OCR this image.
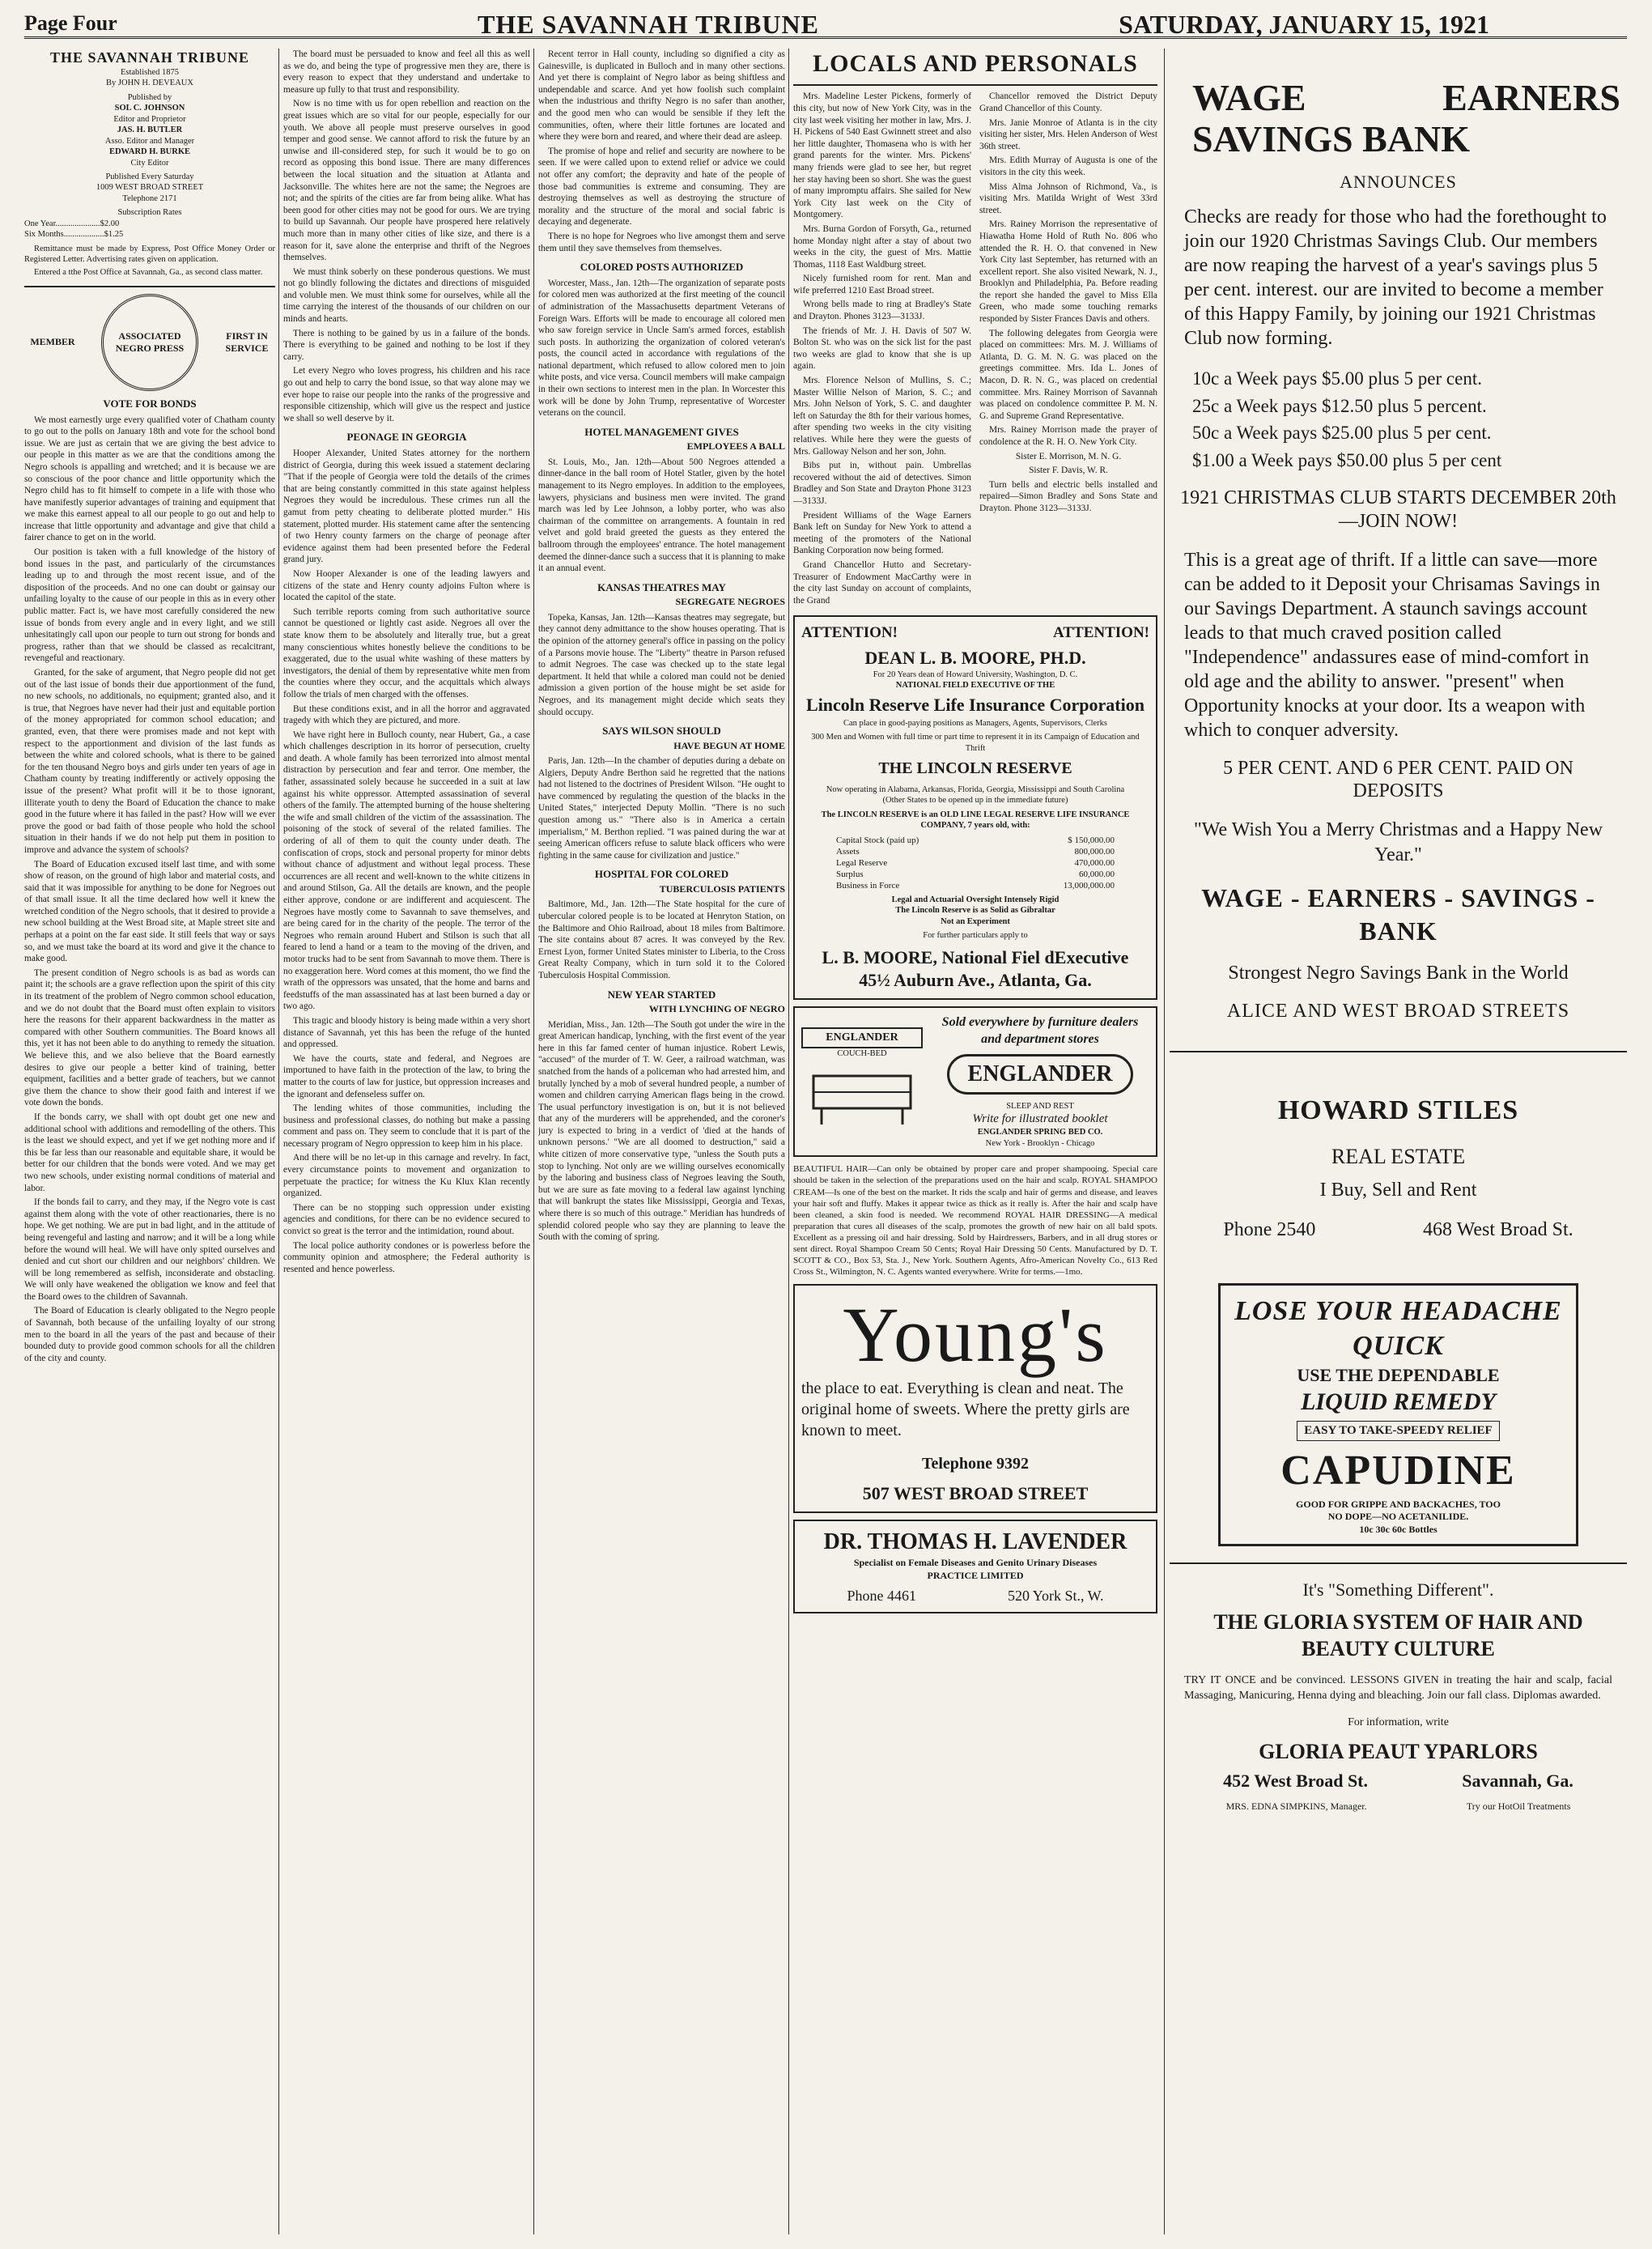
Page Four	THE SAVANNAH TRIBUNE	SATURDAY, JANUARY 15, 1921
THE SAVANNAH TRIBUNE
Established 1875
By JOHN H. DEVEAUX
Published by
SOL C. JOHNSON
Editor and Proprietor
JAS. H. BUTLER
Asso. Editor and Manager
EDWARD H. BURKE
City Editor
Published Every Saturday
1009 WEST BROAD STREET
Telephone 2171
Subscription Rates
One Year.....................$2.00
Six Months...................$1.25

Remittance must be made by Express, Post Office Money Order or Registered Letter. Advertising rates given on application.

Entered a tthe Post Office at Savannah, Ga., as second class matter.

MEMBER
ASSOCIATED NEGRO PRESS
FIRST IN SERVICE
VOTE FOR BONDS

We most earnestly urge every qualified voter of Chatham county to go out to the polls on January 18th and vote for the school bond issue. We are just as certain that we are giving the best advice to our people in this matter as we are that the conditions among the Negro schools is appalling and wretched; and it is because we are so conscious of the poor chance and little opportunity which the Negro child has to fit himself to compete in a life with those who have manifestly superior advantages of training and equipment that we make this earnest appeal to all our people to go out and help to increase that little opportunity and advantage and give that child a fairer chance to get on in the world.

Our position is taken with a full knowledge of the history of bond issues in the past, and particularly of the circumstances leading up to and through the most recent issue, and of the disposition of the proceeds. And no one can doubt or gainsay our unfailing loyalty to the cause of our people in this as in every other public matter. Fact is, we have most carefully considered the new issue of bonds from every angle and in every light, and we still unhesitatingly call upon our people to turn out strong for bonds and progress, rather than that we should be classed as recalcitrant, revengeful and reactionary.

Granted, for the sake of argument, that Negro people did not get out of the last issue of bonds their due apportionment of the fund, no new schools, no additionals, no equipment; granted also, and it is true, that Negroes have never had their just and equitable portion of the money appropriated for common school education; and granted, even, that there were promises made and not kept with respect to the apportionment and division of the last funds as between the white and colored schools, what is there to be gained for the ten thousand Negro boys and girls under ten years of age in Chatham county by treating indifferently or actively opposing the issue of the present? What profit will it be to those ignorant, illiterate youth to deny the Board of Education the chance to make good in the future where it has failed in the past? How will we ever prove the good or bad faith of those people who hold the school situation in their hands if we do not help put them in position to improve and advance the system of schools?

The Board of Education excused itself last time, and with some show of reason, on the ground of high labor and material costs, and said that it was impossible for anything to be done for Negroes out of that small issue. It all the time declared how well it knew the wretched condition of the Negro schools, that it desired to provide a new school building at the West Broad site, at Maple street site and perhaps at a point on the far east side. It still feels that way or says so, and we must take the board at its word and give it the chance to make good.

The present condition of Negro schools is as bad as words can paint it; the schools are a grave reflection upon the spirit of this city in its treatment of the problem of Negro common school education, and we do not doubt that the Board must often explain to visitors here the reasons for their apparent backwardness in the matter as compared with other Southern communities. The Board knows all this, yet it has not been able to do anything to remedy the situation. We believe this, and we also believe that the Board earnestly desires to give our people a better kind of training, better equipment, facilities and a better grade of teachers, but we cannot give them the chance to show their good faith and interest if we vote down the bonds.

If the bonds carry, we shall with opt doubt get one new and additional school with additions and remodelling of the others. This is the least we should expect, and yet if we get nothing more and if this be far less than our reasonable and equitable share, it would be better for our children that the bonds were voted. And we may get two new schools, under existing normal conditions of material and labor.

If the bonds fail to carry, and they may, if the Negro vote is cast against them along with the vote of other reactionaries, there is no hope. We get nothing. We are put in bad light, and in the attitude of being revengeful and lasting and narrow; and it will be a long while before the wound will heal. We will have only spited ourselves and denied and cut short our children and our neighbors' children. We will be long remembered as selfish, inconsiderate and obstacling. We will only have weakened the obligation we know and feel that the Board owes to the children of Savannah.

The Board of Education is clearly obligated to the Negro people of Savannah, both because of the unfailing loyalty of our strong men to the board in all the years of the past and because of their bounded duty to provide good common schools for all the children of the city and county.

The board must be persuaded to know and feel all this as well as we do, and being the type of progressive men they are, there is every reason to expect that they understand and undertake to measure up fully to that trust and responsibility.

Now is no time with us for open rebellion and reaction on the great issues which are so vital for our people, especially for our youth. We above all people must preserve ourselves in good temper and good sense. We cannot afford to risk the future by an unwise and ill-considered step, for such it would be to go on record as opposing this bond issue. There are many differences between the local situation and the situation at Atlanta and Jacksonville. The whites here are not the same; the Negroes are not; and the spirits of the cities are far from being alike. What has been good for other cities may not be good for ours. We are trying to build up Savannah. Our people have prospered here relatively much more than in many other cities of like size, and there is a reason for it, save alone the enterprise and thrift of the Negroes themselves.

We must think soberly on these ponderous questions. We must not go blindly following the dictates and directions of misguided and voluble men. We must think some for ourselves, while all the time carrying the interest of the thousands of our children on our minds and hearts.

There is nothing to be gained by us in a failure of the bonds. There is everything to be gained and nothing to be lost if they carry.

Let every Negro who loves progress, his children and his race go out and help to carry the bond issue, so that way alone may we ever hope to raise our people into the ranks of the progressive and responsible citizenship, which will give us the respect and justice we shall so well deserve by it.

PEONAGE IN GEORGIA

Hooper Alexander, United States attorney for the northern district of Georgia, during this week issued a statement declaring "That if the people of Georgia were told the details of the crimes that are being constantly committed in this state against helpless Negroes they would be incredulous. These crimes run all the gamut from petty cheating to deliberate plotted murder." His statement, plotted murder. His statement came after the sentencing of two Henry county farmers on the charge of peonage after evidence against them had been presented before the Federal grand jury.

Now Hooper Alexander is one of the leading lawyers and citizens of the state and Henry county adjoins Fulton where is located the capitol of the state.

Such terrible reports coming from such authoritative source cannot be questioned or lightly cast aside. Negroes all over the state know them to be absolutely and literally true, but a great many conscientious whites honestly believe the conditions to be exaggerated, due to the usual white washing of these matters by investigators, the denial of them by representative white men from the counties where they occur, and the acquittals which always follow the trials of men charged with the offenses.

But these conditions exist, and in all the horror and aggravated tragedy with which they are pictured, and more.

We have right here in Bulloch county, near Hubert, Ga., a case which challenges description in its horror of persecution, cruelty and death. A whole family has been terrorized into almost mental distraction by persecution and fear and terror. One member, the father, assassinated solely because he succeeded in a suit at law against his white oppressor. Attempted assassination of several others of the family. The attempted burning of the house sheltering the wife and small children of the victim of the assassination. The poisoning of the stock of several of the related families. The ordering of all of them to quit the county under death. The confiscation of crops, stock and personal property for minor debts without chance of adjustment and without legal process. These occurrences are all recent and well-known to the white citizens in and around Stilson, Ga. All the details are known, and the people either approve, condone or are indifferent and acquiescent. The Negroes have mostly come to Savannah to save themselves, and are being cared for in the charity of the people. The terror of the Negroes who remain around Hubert and Stilson is such that all feared to lend a hand or a team to the moving of the driven, and motor trucks had to be sent from Savannah to move them. There is no exaggeration here. Word comes at this moment, tho we find the wrath of the oppressors was unsated, that the home and barns and feedstuffs of the man assassinated has at last been burned a day or two ago.

This tragic and bloody history is being made within a very short distance of Savannah, yet this has been the refuge of the hunted and oppressed.

We have the courts, state and federal, and Negroes are importuned to have faith in the protection of the law, to bring the matter to the courts of law for justice, but oppression increases and the ignorant and defenseless suffer on.

The lending whites of those communities, including the business and professional classes, do nothing but make a passing comment and pass on. They seem to conclude that it is part of the necessary program of Negro oppression to keep him in his place.

And there will be no let-up in this carnage and revelry. In fact, every circumstance points to movement and organization to perpetuate the practice; for witness the Ku Klux Klan recently organized.

There can be no stopping such oppression under existing agencies and conditions, for there can be no evidence secured to convict so great is the terror and the intimidation, round about.

The local police authority condones or is powerless before the community opinion and atmosphere; the Federal authority is resented and hence powerless.

Recent terror in Hall county, including so dignified a city as Gainesville, is duplicated in Bulloch and in many other sections. And yet there is complaint of Negro labor as being shiftless and undependable and scarce. And yet how foolish such complaint when the industrious and thrifty Negro is no safer than another, and the good men who can would be sensible if they left the communities, often, where their little fortunes are located and where they were born and reared, and where their dead are asleep.

The promise of hope and relief and security are nowhere to be seen. If we were called upon to extend relief or advice we could not offer any comfort; the depravity and hate of the people of those bad communities is extreme and consuming. They are destroying themselves as well as destroying the structure of morality and the structure of the moral and social fabric is decaying and degenerate.

There is no hope for Negroes who live amongst them and serve them until they save themselves from themselves.

COLORED POSTS AUTHORIZED

Worcester, Mass., Jan. 12th—The organization of separate posts for colored men was authorized at the first meeting of the council of administration of the Massachusetts department Veterans of Foreign Wars. Efforts will be made to encourage all colored men who saw foreign service in Uncle Sam's armed forces, establish such posts. In authorizing the organization of colored veteran's posts, the council acted in accordance with regulations of the national department, which refused to allow colored men to join white posts, and vice versa. Council members will make campaign in their own sections to interest men in the plan. In Worcester this work will be done by John Trump, representative of Worcester veterans on the council.

HOTEL MANAGEMENT GIVES
EMPLOYEES A BALL

St. Louis, Mo., Jan. 12th—About 500 Negroes attended a dinner-dance in the ball room of Hotel Statler, given by the hotel management to its Negro employes. In addition to the employees, lawyers, physicians and business men were invited. The grand march was led by Lee Johnson, a lobby porter, who was also chairman of the committee on arrangements. A fountain in red velvet and gold braid greeted the guests as they entered the ballroom through the employees' entrance. The hotel management deemed the dinner-dance such a success that it is planning to make it an annual event.

KANSAS THEATRES MAY
SEGREGATE NEGROES

Topeka, Kansas, Jan. 12th—Kansas theatres may segregate, but they cannot deny admittance to the show houses operating. That is the opinion of the attorney general's office in passing on the policy of a Parsons movie house. The "Liberty" theatre in Parson refused to admit Negroes. The case was checked up to the state legal department. It held that while a colored man could not be denied admission a given portion of the house might be set aside for Negroes, and its management might decide which seats they should occupy.

SAYS WILSON SHOULD
HAVE BEGUN AT HOME

Paris, Jan. 12th—In the chamber of deputies during a debate on Algiers, Deputy Andre Berthon said he regretted that the nations had not listened to the doctrines of President Wilson. "He ought to have commenced by regulating the question of the blacks in the United States," interjected Deputy Mollin. "There is no such question among us." "There also is in America a certain imperialism," M. Berthon replied. "I was pained during the war at seeing American officers refuse to salute black officers who were fighting in the same cause for civilization and justice."

HOSPITAL FOR COLORED
TUBERCULOSIS PATIENTS

Baltimore, Md., Jan. 12th—The State hospital for the cure of tubercular colored people is to be located at Henryton Station, on the Baltimore and Ohio Railroad, about 18 miles from Baltimore. The site contains about 87 acres. It was conveyed by the Rev. Ernest Lyon, former United States minister to Liberia, to the Cross Great Realty Company, which in turn sold it to the Colored Tuberculosis Hospital Commission.

NEW YEAR STARTED
WITH LYNCHING OF NEGRO

Meridian, Miss., Jan. 12th—The South got under the wire in the great American handicap, lynching, with the first event of the year here in this far famed center of human injustice. Robert Lewis, "accused" of the murder of T. W. Geer, a railroad watchman, was snatched from the hands of a policeman who had arrested him, and brutally lynched by a mob of several hundred people, a number of women and children carrying American flags being in the crowd. The usual perfunctory investigation is on, but it is not believed that any of the murderers will be apprehended, and the coroner's jury is expected to bring in a verdict of 'died at the hands of unknown persons.' "We are all doomed to destruction," said a white citizen of more conservative type, "unless the South puts a stop to lynching. Not only are we willing ourselves economically by the laboring and business class of Negroes leaving the South, but we are sure as fate moving to a federal law against lynching that will bankrupt the states like Mississippi, Georgia and Texas, where there is so much of this outrage." Meridian has hundreds of splendid colored people who say they are planning to leave the South with the coming of spring.

LOCALS AND PERSONALS

Mrs. Madeline Lester Pickens, formerly of this city, but now of New York City, was in the city last week visiting her mother in law, Mrs. J. H. Pickens of 540 East Gwinnett street and also her little daughter, Thomasena who is with her grand parents for the winter. Mrs. Pickens' many friends were glad to see her, but regret her stay having been so short. She was the guest of many impromptu affairs. She sailed for New York City last week on the City of Montgomery.

Mrs. Burna Gordon of Forsyth, Ga., returned home Monday night after a stay of about two weeks in the city, the guest of Mrs. Mattie Thomas, 1118 East Waldburg street.

Nicely furnished room for rent. Man and wife preferred 1210 East Broad street.

Wrong bells made to ring at Bradley's State and Drayton. Phones 3123—3133J.

The friends of Mr. J. H. Davis of 507 W. Bolton St. who was on the sick list for the past two weeks are glad to know that she is up again.

Mrs. Florence Nelson of Mullins, S. C.; Master Willie Nelson of Marion, S. C.; and Mrs. John Nelson of York, S. C. and daughter left on Saturday the 8th for their various homes, after spending two weeks in the city visiting relatives. While here they were the guests of Mrs. Galloway Nelson and her son, John.

Bibs put in, without pain. Umbrellas recovered without the aid of detectives. Simon Bradley and Son State and Drayton Phone 3123—3133J.

President Williams of the Wage Earners Bank left on Sunday for New York to attend a meeting of the promoters of the National Banking Corporation now being formed.

Grand Chancellor Hutto and Secretary-Treasurer of Endowment MacCarthy were in the city last Sunday on account of complaints, the Grand

Chancellor removed the District Deputy Grand Chancellor of this County.

Mrs. Janie Monroe of Atlanta is in the city visiting her sister, Mrs. Helen Anderson of West 36th street.

Mrs. Edith Murray of Augusta is one of the visitors in the city this week.

Miss Alma Johnson of Richmond, Va., is visiting Mrs. Matilda Wright of West 33rd street.

Mrs. Rainey Morrison the representative of Hiawatha Home Hold of Ruth No. 806 who attended the R. H. O. that convened in New York City last September, has returned with an excellent report. She also visited Newark, N. J., Brooklyn and Philadelphia, Pa. Before reading the report she handed the gavel to Miss Ella Green, who made some touching remarks responded by Sister Frances Davis and others.

The following delegates from Georgia were placed on committees: Mrs. M. J. Williams of Atlanta, D. G. M. N. G. was placed on the greetings committee. Mrs. Ida L. Jones of Macon, D. R. N. G., was placed on credential committee. Mrs. Rainey Morrison of Savannah was placed on condolence committee P. M. N. G. and Supreme Grand Representative.

Mrs. Rainey Morrison made the prayer of condolence at the R. H. O. New York City.

Sister E. Morrison, M. N. G.

Sister F. Davis, W. R.

Turn bells and electric bells installed and repaired—Simon Bradley and Sons State and Drayton. Phone 3123—3133J.

ATTENTION!	ATTENTION!
DEAN L. B. MOORE, PH.D.
For 20 Years dean of Howard University, Washington, D. C.
NATIONAL FIELD EXECUTIVE OF THE
Lincoln Reserve Life Insurance Corporation
Can place in good-paying positions as Managers, Agents, Supervisors, Clerks
300 Men and Women with full time or part time to represent it in its Campaign of Education and Thrift
THE LINCOLN RESERVE
Now operating in Alabama, Arkansas, Florida, Georgia, Mississippi and South Carolina
(Other States to be opened up in the immediate future)
The LINCOLN RESERVE is an OLD LINE LEGAL RESERVE LIFE INSURANCE COMPANY, 7 years old, with:
Capital Stock (paid up)	$ 150,000.00
Assets	800,000.00
Legal Reserve	470,000.00
Surplus	60,000.00
Business in Force	13,000,000.00
Legal and Actuarial Oversight Intensely Rigid
The Lincoln Reserve is as Solid as Gibraltar
Not an Experiment
For further particulars apply to
L. B. MOORE, National Fiel dExecutive
45½ Auburn Ave., Atlanta, Ga.
ENGLANDER
COUCH-BED
Sold everywhere by furniture dealers and department stores
ENGLANDER
SLEEP AND REST
Write for illustrated booklet
ENGLANDER SPRING BED CO.
New York - Brooklyn - Chicago

BEAUTIFUL HAIR—Can only be obtained by proper care and proper shampooing. Special care should be taken in the selection of the preparations used on the hair and scalp. ROYAL SHAMPOO CREAM—Is one of the best on the market. It rids the scalp and hair of germs and disease, and leaves your hair soft and fluffy. Makes it appear twice as thick as it really is. After the hair and scalp have been cleaned, a skin food is needed. We recommend ROYAL HAIR DRESSING—A medical preparation that cures all diseases of the scalp, promotes the growth of new hair on all bald spots. Excellent as a pressing oil and hair dressing. Sold by Hairdressers, Barbers, and in all drug stores or sent direct. Royal Shampoo Cream 50 Cents; Royal Hair Dressing 50 Cents. Manufactured by D. T. SCOTT & CO., Box 53, Sta. J., New York. Southern Agents, Afro-American Novelty Co., 613 Red Cross St., Wilmington, N. C. Agents wanted everywhere. Write for terms.—1mo.

Young's
the place to eat. Everything is clean and neat. The original home of sweets. Where the pretty girls are known to meet.
Telephone 9392
507 WEST BROAD STREET
DR. THOMAS H. LAVENDER
Specialist on Female Diseases and Genito Urinary Diseases
PRACTICE LIMITED
Phone 4461	520 York St., W.
WAGE EARNERS SAVINGS BANK
ANNOUNCES
Checks are ready for those who had the forethought to join our 1920 Christmas Savings Club. Our members are now reaping the harvest of a year's savings plus 5 per cent. interest. our are invited to become a member of this Happy Family, by joining our 1921 Christmas Club now forming.
10c a Week pays $5.00 plus 5 per cent.
25c a Week pays $12.50 plus 5 percent.
50c a Week pays $25.00 plus 5 per cent.
$1.00 a Week pays $50.00 plus 5 per cent
1921 CHRISTMAS CLUB STARTS DECEMBER 20th—JOIN NOW!
This is a great age of thrift. If a little can save—more can be added to it Deposit your Chrisamas Savings in our Savings Department. A staunch savings account leads to that much craved position called "Independence" andassures ease of mind-comfort in old age and the ability to answer. "present" when Opportunity knocks at your door. Its a weapon with which to conquer adversity.
5 PER CENT. AND 6 PER CENT. PAID ON DEPOSITS
"We Wish You a Merry Christmas and a Happy New Year."
WAGE - EARNERS - SAVINGS - BANK
Strongest Negro Savings Bank in the World
ALICE AND WEST BROAD STREETS
HOWARD STILES
REAL ESTATE
I Buy, Sell and Rent
Phone 2540	468 West Broad St.
LOSE YOUR HEADACHE QUICK
USE THE DEPENDABLE
LIQUID REMEDY
EASY TO TAKE-SPEEDY RELIEF
CAPUDINE
GOOD FOR GRIPPE AND BACKACHES, TOO
NO DOPE—NO ACETANILIDE.
10c 30c 60c Bottles
It's "Something Different".
THE GLORIA SYSTEM OF HAIR AND BEAUTY CULTURE
TRY IT ONCE and be convinced. LESSONS GIVEN in treating the hair and scalp, facial Massaging, Manicuring, Henna dying and bleaching. Join our fall class. Diplomas awarded.
For information, write
GLORIA PEAUT YPARLORS
452 West Broad St.	Savannah, Ga.
MRS. EDNA SIMPKINS, Manager.	Try our HotOil Treatments
